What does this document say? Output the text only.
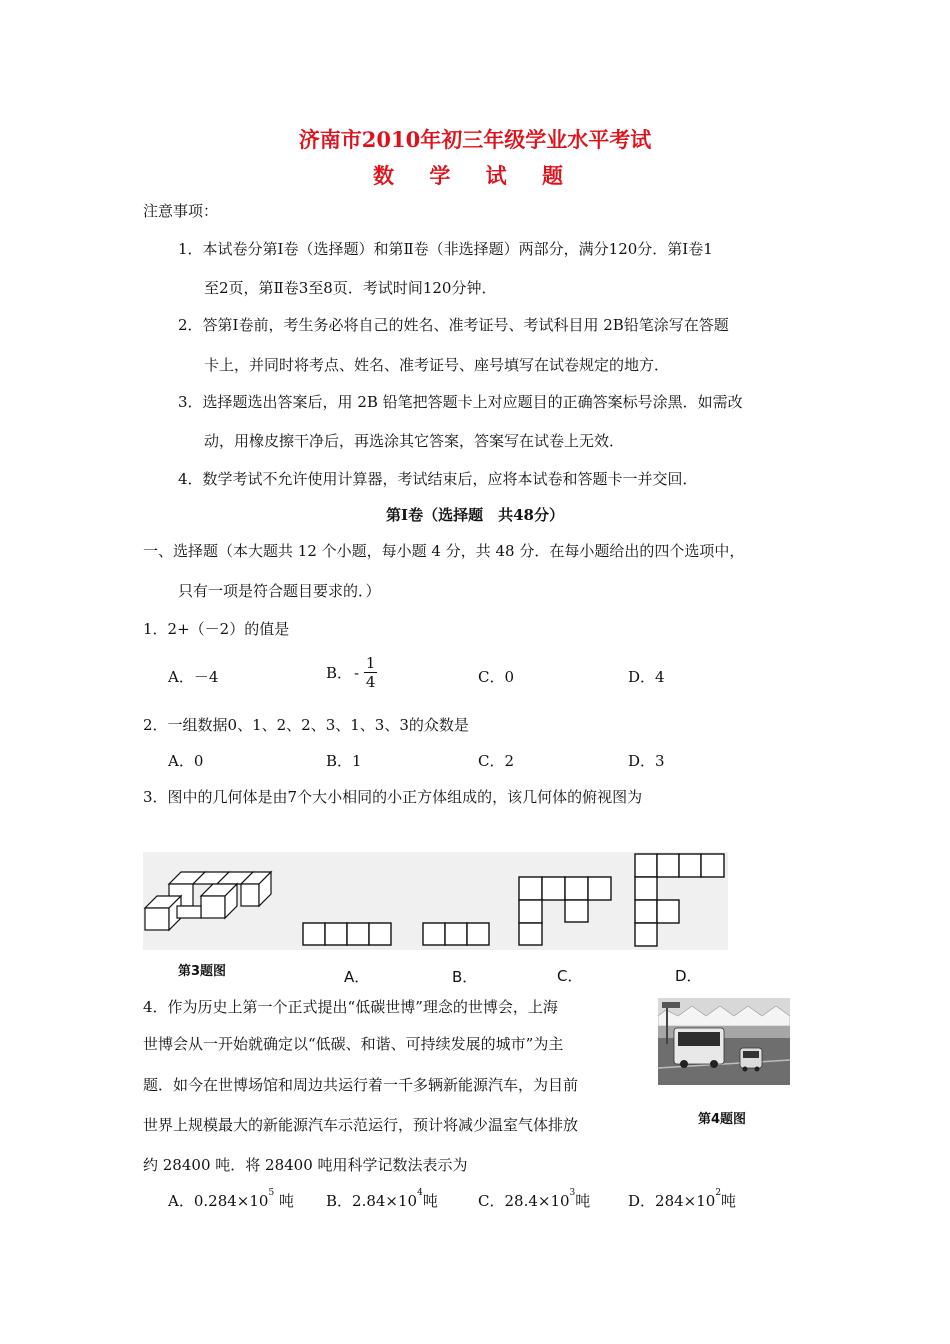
济南市2010年初三年级学业水平考试
数 学 试 题
注意事项：
1．本试卷分第Ⅰ卷（选择题）和第Ⅱ卷（非选择题）两部分，满分120分．第Ⅰ卷1
至2页，第Ⅱ卷3至8页．考试时间120分钟．
2．答第Ⅰ卷前，考生务必将自己的姓名、准考证号、考试科目用 2B铅笔涂写在答题
卡上，并同时将考点、姓名、准考证号、座号填写在试卷规定的地方．
3．选择题选出答案后，用 2B 铅笔把答题卡上对应题目的正确答案标号涂黑．如需改
动，用橡皮擦干净后，再选涂其它答案，答案写在试卷上无效．
4．数学考试不允许使用计算器，考试结束后，应将本试卷和答题卡一并交回．
第Ⅰ卷（选择题　共48分）
一、选择题（本大题共 12 个小题，每小题 4 分，共 48 分．在每小题给出的四个选项中，
只有一项是符合题目要求的．）
1．2+（－2）的值是
A．－4	B． - $\frac{1}{4}$	C．0	D．4
2．一组数据0、1、2、2、3、1、3、3的众数是
A．0	B．1	C．2	D．3
3．图中的几何体是由7个大小相同的小正方体组成的，该几何体的俯视图为
第3题图	A．	B．	C．	D．
4．作为历史上第一个正式提出“低碳世博”理念的世博会，上海
世博会从一开始就确定以“低碳、和谐、可持续发展的城市”为主
题．如今在世博场馆和周边共运行着一千多辆新能源汽车，为目前
世界上规模最大的新能源汽车示范运行，预计将减少温室气体排放
约 28400 吨．将 28400 吨用科学记数法表示为
第4题图
A．$0.284\times 10^5$ 吨 B．$2.84\times 10^4$吨	C．$28.4\times 10^3$吨	D．$284\times 10^2$吨
